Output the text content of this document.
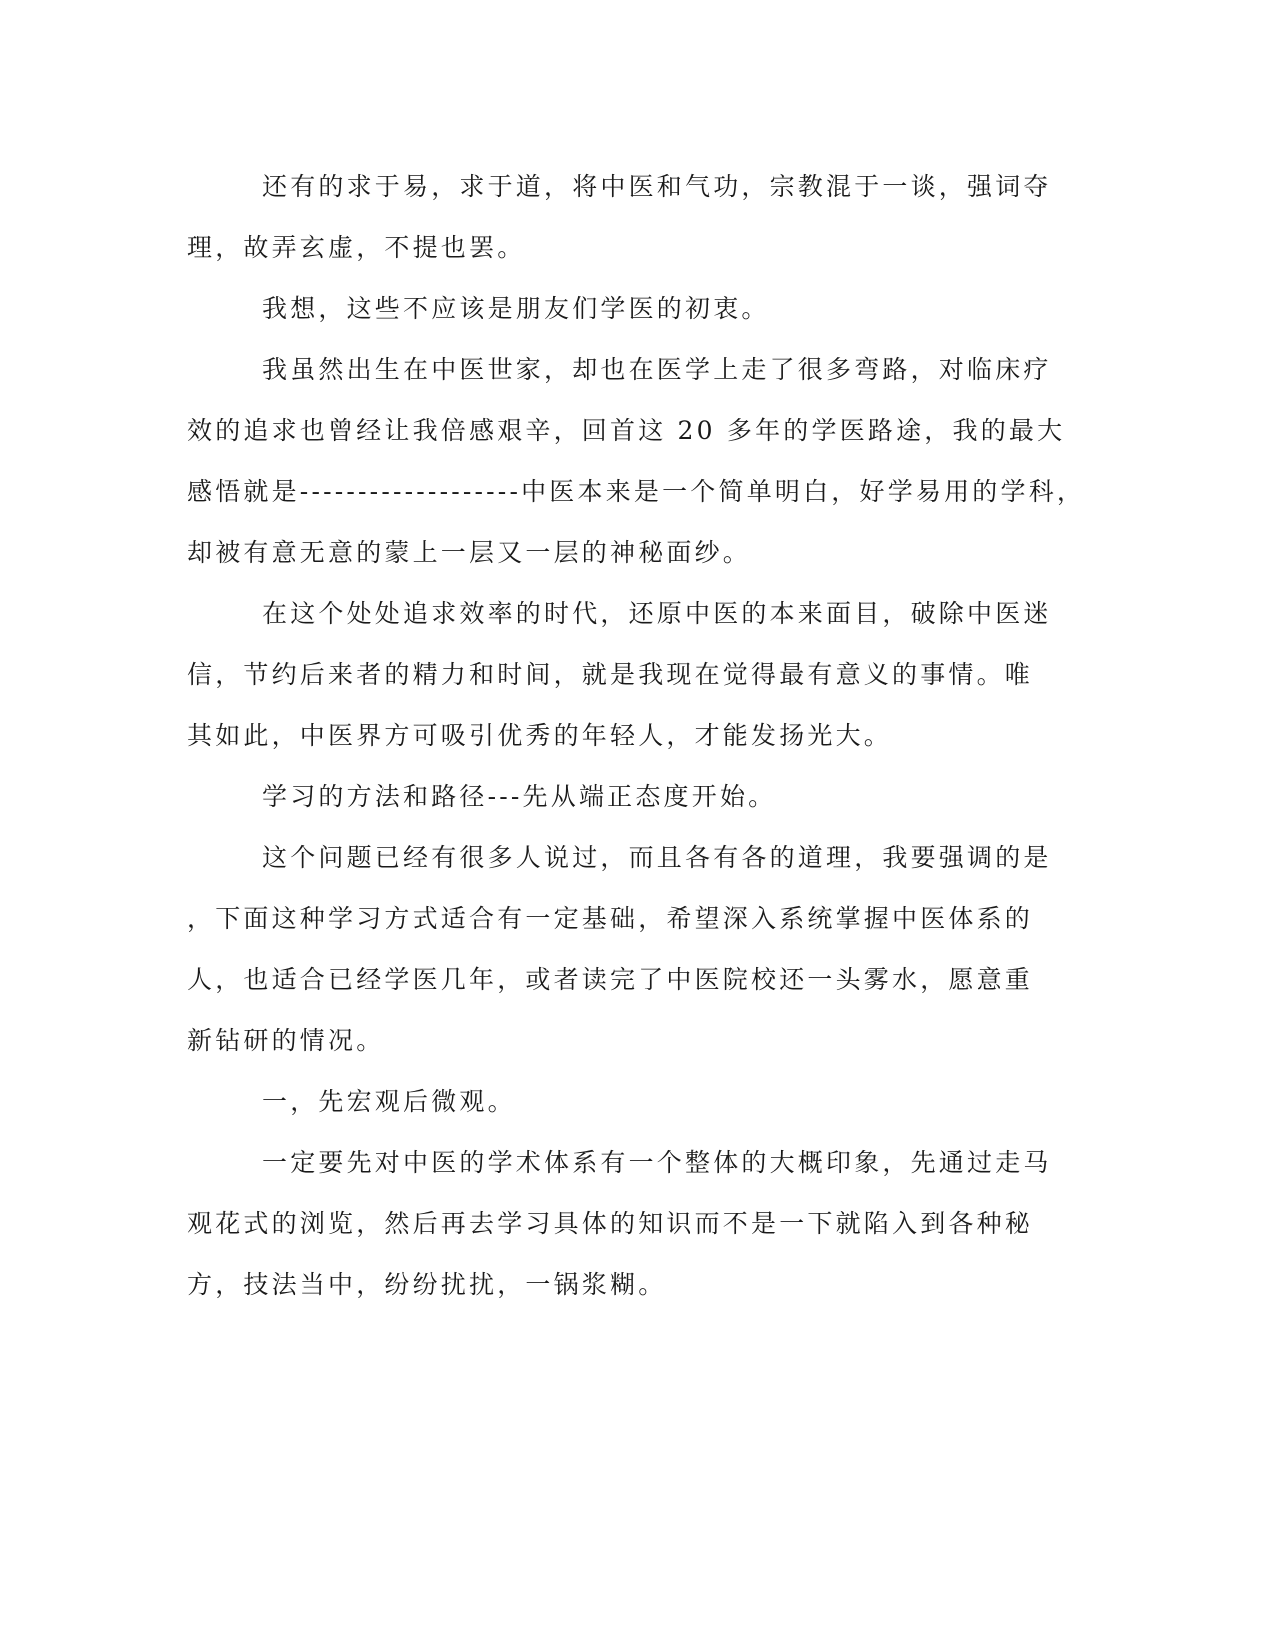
还有的求于易，求于道，将中医和气功，宗教混于一谈，强词夺
理，故弄玄虚，不提也罢。
我想，这些不应该是朋友们学医的初衷。
我虽然出生在中医世家，却也在医学上走了很多弯路，对临床疗
效的追求也曾经让我倍感艰辛，回首这 20 多年的学医路途，我的最大
感悟就是-------------------中医本来是一个简单明白，好学易用的学科，
却被有意无意的蒙上一层又一层的神秘面纱。
在这个处处追求效率的时代，还原中医的本来面目，破除中医迷
信，节约后来者的精力和时间，就是我现在觉得最有意义的事情。唯
其如此，中医界方可吸引优秀的年轻人，才能发扬光大。
学习的方法和路径---先从端正态度开始。
这个问题已经有很多人说过，而且各有各的道理，我要强调的是
，下面这种学习方式适合有一定基础，希望深入系统掌握中医体系的
人，也适合已经学医几年，或者读完了中医院校还一头雾水，愿意重
新钻研的情况。
一，先宏观后微观。
一定要先对中医的学术体系有一个整体的大概印象，先通过走马
观花式的浏览，然后再去学习具体的知识而不是一下就陷入到各种秘
方，技法当中，纷纷扰扰，一锅浆糊。
